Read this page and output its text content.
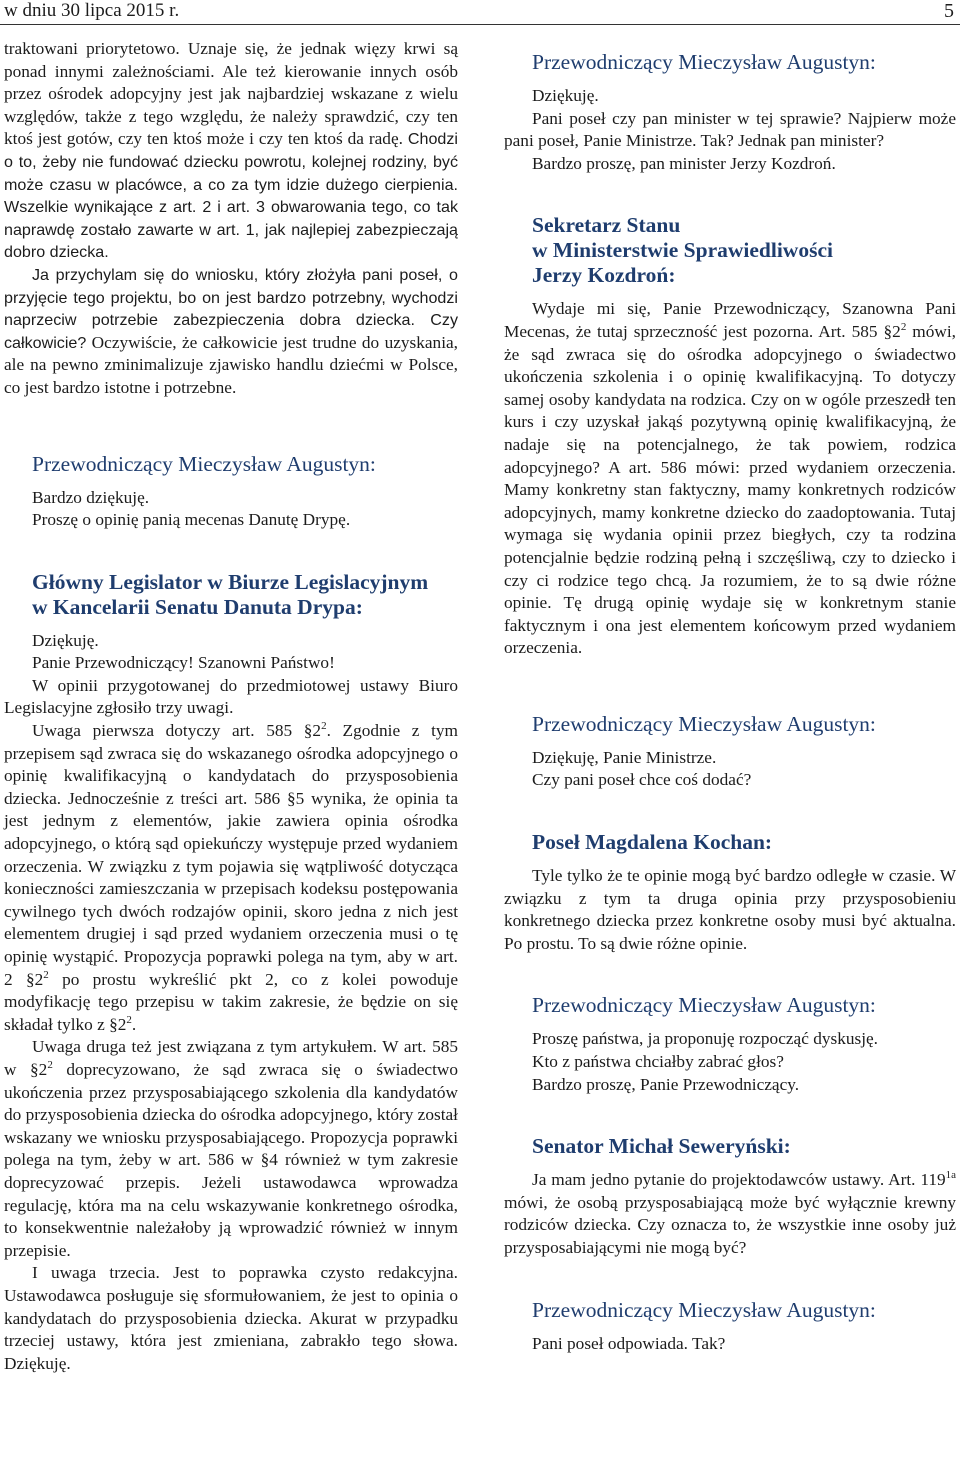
w dniu 30 lipca 2015 r.	5

traktowani priorytetowo. Uznaje się, że jednak więzy krwi są ponad innymi zależnościami. Ale też kierowanie innych osób przez ośrodek adopcyjny jest jak najbardziej wskazane z wielu względów, także z tego względu, że należy sprawdzić, czy ten ktoś jest gotów, czy ten ktoś może i czy ten ktoś da radę. Chodzi o to, żeby nie fundować dziecku powrotu, kolejnej rodziny, być może czasu w placówce, a co za tym idzie dużego cierpienia. Wszelkie wynikające z art. 2 i art. 3 obwarowania tego, co tak naprawdę zostało zawarte w art. 1, jak najlepiej zabezpieczają dobro dziecka.

Ja przychylam się do wniosku, który złożyła pani poseł, o przyjęcie tego projektu, bo on jest bardzo potrzebny, wychodzi naprzeciw potrzebie zabezpieczenia dobra dziecka. Czy całkowicie? Oczywiście, że całkowicie jest trudne do uzyskania, ale na pewno zminimalizuje zjawisko handlu dziećmi w Polsce, co jest bardzo istotne i potrzebne.

Przewodniczący Mieczysław Augustyn:

Bardzo dziękuję.

Proszę o opinię panią mecenas Danutę Drypę.

Główny Legislator w Biurze Legislacyjnym
w Kancelarii Senatu Danuta Drypa:

Dziękuję.

Panie Przewodniczący! Szanowni Państwo!

W opinii przygotowanej do przedmiotowej ustawy Biuro Legislacyjne zgłosiło trzy uwagi.

Uwaga pierwsza dotyczy art. 585 $\S 2^2$. Zgodnie z tym przepisem sąd zwraca się do wskazanego ośrodka adopcyjnego o opinię kwalifikacyjną o kandydatach do przysposobienia dziecka. Jednocześnie z treści art. 586 §5 wynika, że opinia ta jest jednym z elementów, jakie zawiera opinia ośrodka adopcyjnego, o którą sąd opiekuńczy występuje przed wydaniem orzeczenia. W związku z tym pojawia się wątpliwość dotycząca konieczności zamieszczania w przepisach kodeksu postępowania cywilnego tych dwóch rodzajów opinii, skoro jedna z nich jest elementem drugiej i sąd przed wydaniem orzeczenia musi o tę opinię wystąpić. Propozycja poprawki polega na tym, aby w art. 2 $\S 2^2$ po prostu wykreślić pkt 2, co z kolei powoduje modyfikację tego przepisu w takim zakresie, że będzie on się składał tylko z $\S 2^2$.

Uwaga druga też jest związana z tym artykułem. W art. 585 w $\S 2^2$ doprecyzowano, że sąd zwraca się o świadectwo ukończenia przez przysposabiającego szkolenia dla kandydatów do przysposobienia dziecka do ośrodka adopcyjnego, który został wskazany we wniosku przysposabiającego. Propozycja poprawki polega na tym, żeby w art. 586 w §4 również w tym zakresie doprecyzować przepis. Jeżeli ustawodawca wprowadza regulację, która ma na celu wskazywanie konkretnego ośrodka, to konsekwentnie należałoby ją wprowadzić również w innym przepisie.

I uwaga trzecia. Jest to poprawka czysto redakcyjna. Ustawodawca posługuje się sformułowaniem, że jest to opinia o kandydatach do przysposobienia dziecka. Akurat w przypadku trzeciej ustawy, która jest zmieniana, zabrakło tego słowa. Dziękuję.

Przewodniczący Mieczysław Augustyn:

Dziękuję.

Pani poseł czy pan minister w tej sprawie? Najpierw może pani poseł, Panie Ministrze. Tak? Jednak pan minister?

Bardzo proszę, pan minister Jerzy Kozdroń.

Sekretarz Stanu
w Ministerstwie Sprawiedliwości
Jerzy Kozdroń:

Wydaje mi się, Panie Przewodniczący, Szanowna Pani Mecenas, że tutaj sprzeczność jest pozorna. Art. 585 $\S 2^2$ mówi, że sąd zwraca się do ośrodka adopcyjnego o świadectwo ukończenia szkolenia i o opinię kwalifikacyjną. To dotyczy samej osoby kandydata na rodzica. Czy on w ogóle przeszedł ten kurs i czy uzyskał jakąś pozytywną opinię kwalifikacyjną, że nadaje się na potencjalnego, że tak powiem, rodzica adopcyjnego? A art. 586 mówi: przed wydaniem orzeczenia. Mamy konkretny stan faktyczny, mamy konkretnych rodziców adopcyjnych, mamy konkretne dziecko do zaadoptowania. Tutaj wymaga się wydania opinii przez biegłych, czy ta rodzina potencjalnie będzie rodziną pełną i szczęśliwą, czy to dziecko i czy ci rodzice tego chcą. Ja rozumiem, że to są dwie różne opinie. Tę drugą opinię wydaje się w konkretnym stanie faktycznym i ona jest elementem końcowym przed wydaniem orzeczenia.

Przewodniczący Mieczysław Augustyn:

Dziękuję, Panie Ministrze.

Czy pani poseł chce coś dodać?

Poseł Magdalena Kochan:

Tyle tylko że te opinie mogą być bardzo odległe w czasie. W związku z tym ta druga opinia przy przysposobieniu konkretnego dziecka przez konkretne osoby musi być aktualna. Po prostu. To są dwie różne opinie.

Przewodniczący Mieczysław Augustyn:

Proszę państwa, ja proponuję rozpocząć dyskusję.

Kto z państwa chciałby zabrać głos?

Bardzo proszę, Panie Przewodniczący.

Senator Michał Seweryński:

Ja mam jedno pytanie do projektodawców ustawy. Art. $119^{1a}$ mówi, że osobą przysposabiającą może być wyłącznie krewny rodziców dziecka. Czy oznacza to, że wszystkie inne osoby już przysposabiającymi nie mogą być?

Przewodniczący Mieczysław Augustyn:

Pani poseł odpowiada. Tak?
